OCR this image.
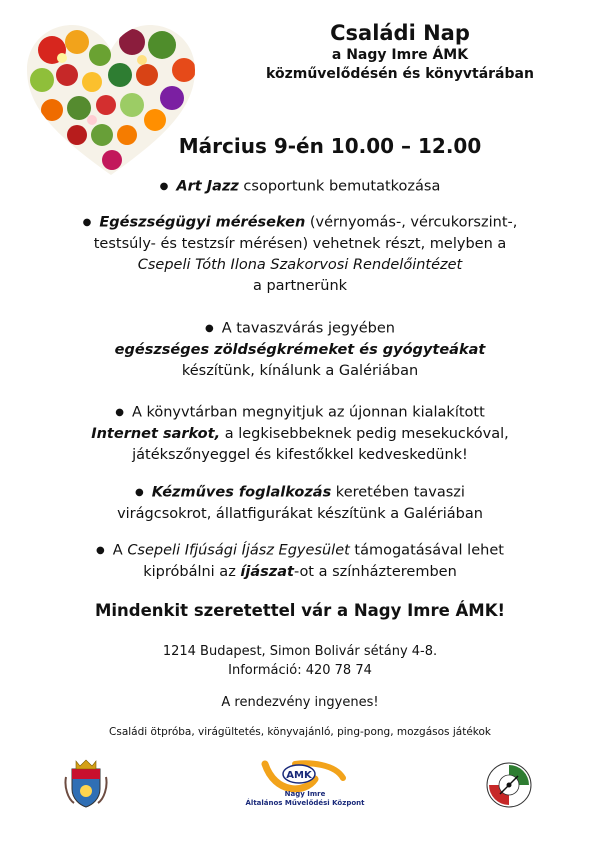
Családi Nap
a Nagy Imre ÁMK
közművelődésén és könyvtárában
Március 9-én 10.00 – 12.00
● Art Jazz csoportunk bemutatkozása
● Egészségügyi méréseken (vérnyomás-, vércukorszint-,
testsúly- és testzsír mérésen) vehetnek részt, melyben a
Csepeli Tóth Ilona Szakorvosi Rendelőintézet
a partnerünk
● A tavaszvárás jegyében
egészséges zöldségkrémeket és gyógyteákat
készítünk, kínálunk a Galériában
● A könyvtárban megnyitjuk az újonnan kialakított
Internet sarkot, a legkisebbeknek pedig mesekuckóval,
játékszőnyeggel és kifestőkkel kedveskedünk!
● Kézműves foglalkozás keretében tavaszi
virágcsokrot, állatfigurákat készítünk a Galériában
● A Csepeli Ifjúsági Íjász Egyesület támogatásával lehet
kipróbálni az íjászat-ot a színházteremben
Mindenkit szeretettel vár a Nagy Imre ÁMK!
1214 Budapest, Simon Bolivár sétány 4-8.
Információ: 420 78 74
A rendezvény ingyenes!
Családi ötpróba, virágültetés, könyvajánló, ping-pong, mozgásos játékok
AMK
Nagy Imre
Általános Művelődési Központ
